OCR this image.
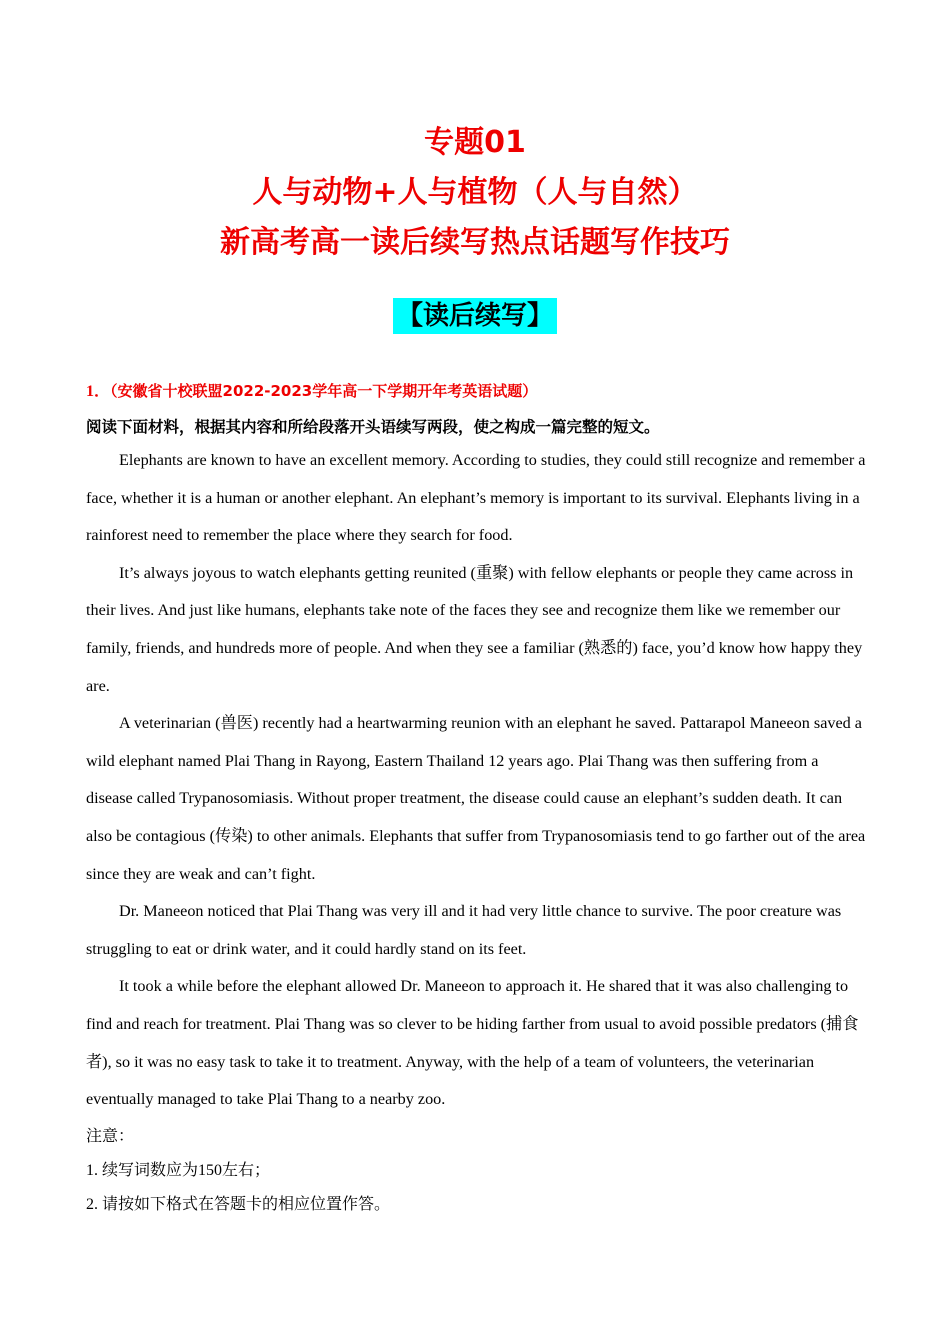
专题01
人与动物+人与植物（人与自然）
新高考高一读后续写热点话题写作技巧
【读后续写】
1．（安徽省十校联盟2022-2023学年高一下学期开年考英语试题）
阅读下面材料，根据其内容和所给段落开头语续写两段，使之构成一篇完整的短文。

Elephants are known to have an excellent memory. According to studies, they could still recognize and remember a face, whether it is a human or another elephant. An elephant’s memory is important to its survival. Elephants living in a rainforest need to remember the place where they search for food.

It’s always joyous to watch elephants getting reunited (重聚) with fellow elephants or people they came across in their lives. And just like humans, elephants take note of the faces they see and recognize them like we remember our family, friends, and hundreds more of people. And when they see a familiar (熟悉的) face, you’d know how happy they are.

A veterinarian (兽医) recently had a heartwarming reunion with an elephant he saved. Pattarapol Maneeon saved a wild elephant named Plai Thang in Rayong, Eastern Thailand 12 years ago. Plai Thang was then suffering from a disease called Trypanosomiasis. Without proper treatment, the disease could cause an elephant’s sudden death. It can also be contagious (传染) to other animals. Elephants that suffer from Trypanosomiasis tend to go farther out of the area since they are weak and can’t fight.

Dr. Maneeon noticed that Plai Thang was very ill and it had very little chance to survive. The poor creature was struggling to eat or drink water, and it could hardly stand on its feet.

It took a while before the elephant allowed Dr. Maneeon to approach it. He shared that it was also challenging to find and reach for treatment. Plai Thang was so clever to be hiding farther from usual to avoid possible predators (捕食者), so it was no easy task to take it to treatment. Anyway, with the help of a team of volunteers, the veterinarian eventually managed to take Plai Thang to a nearby zoo.

注意：
1. 续写词数应为150左右；
2. 请按如下格式在答题卡的相应位置作答。
